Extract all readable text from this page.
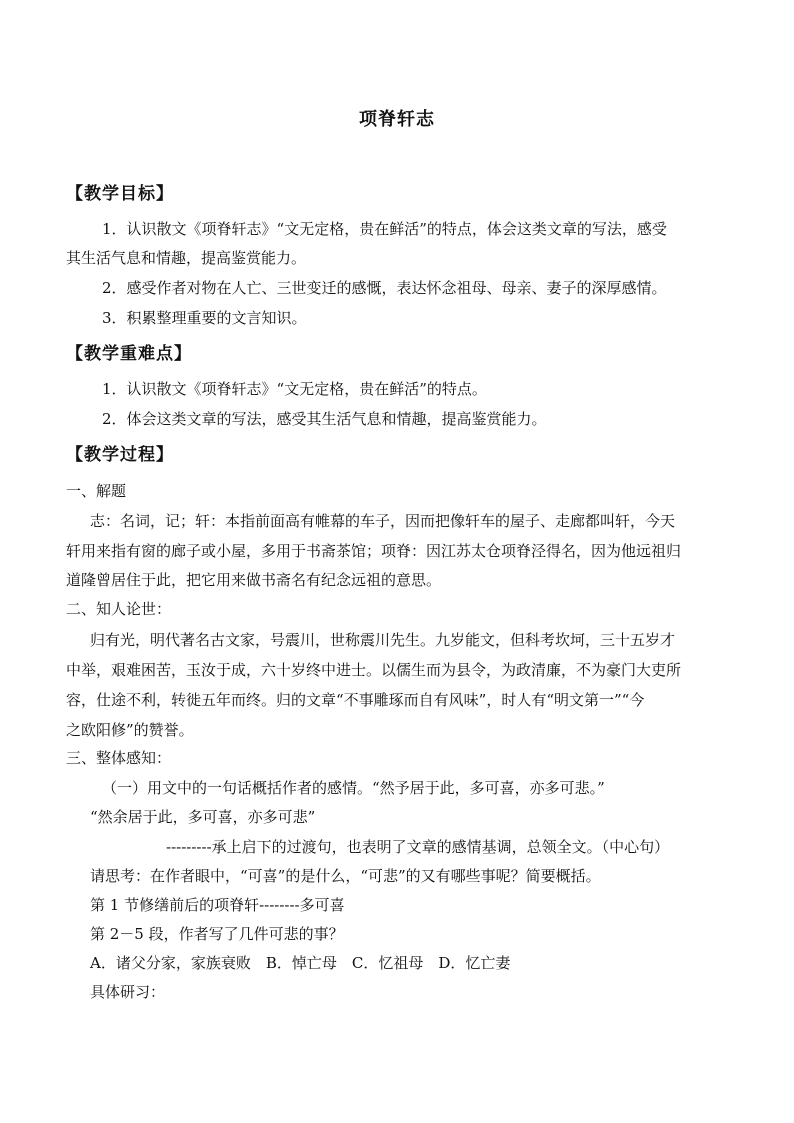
项脊轩志
【教学目标】
1．认识散文《项脊轩志》“文无定格，贵在鲜活”的特点，体会这类文章的写法，感受
其生活气息和情趣，提高鉴赏能力。
2．感受作者对物在人亡、三世变迁的感慨，表达怀念祖母、母亲、妻子的深厚感情。
3．积累整理重要的文言知识。
【教学重难点】
1．认识散文《项脊轩志》“文无定格，贵在鲜活”的特点。
2．体会这类文章的写法，感受其生活气息和情趣，提高鉴赏能力。
【教学过程】
一、解题
志：名词，记；轩：本指前面高有帷幕的车子，因而把像轩车的屋子、走廊都叫轩，今天
轩用来指有窗的廊子或小屋，多用于书斋茶馆；项脊：因江苏太仓项脊泾得名，因为他远祖归
道隆曾居住于此，把它用来做书斋名有纪念远祖的意思。
二、知人论世：
归有光，明代著名古文家，号震川，世称震川先生。九岁能文，但科考坎坷，三十五岁才
中举，艰难困苦，玉汝于成，六十岁终中进士。以儒生而为县令，为政清廉，不为豪门大吏所
容，仕途不利，转徙五年而终。归的文章“不事雕琢而自有风味”，时人有“明文第一”“今
之欧阳修”的赞誉。
三、整体感知：
（一）用文中的一句话概括作者的感情。“然予居于此，多可喜，亦多可悲。”
“然余居于此，多可喜，亦多可悲”
---------承上启下的过渡句，也表明了文章的感情基调，总领全文。（中心句）
请思考：在作者眼中，“可喜”的是什么，“可悲”的又有哪些事呢？简要概括。
第 1 节修缮前后的项脊轩--------多可喜
第 2－5 段，作者写了几件可悲的事？
A．诸父分家，家族衰败　B．悼亡母　C．忆祖母　D．忆亡妻
具体研习：
